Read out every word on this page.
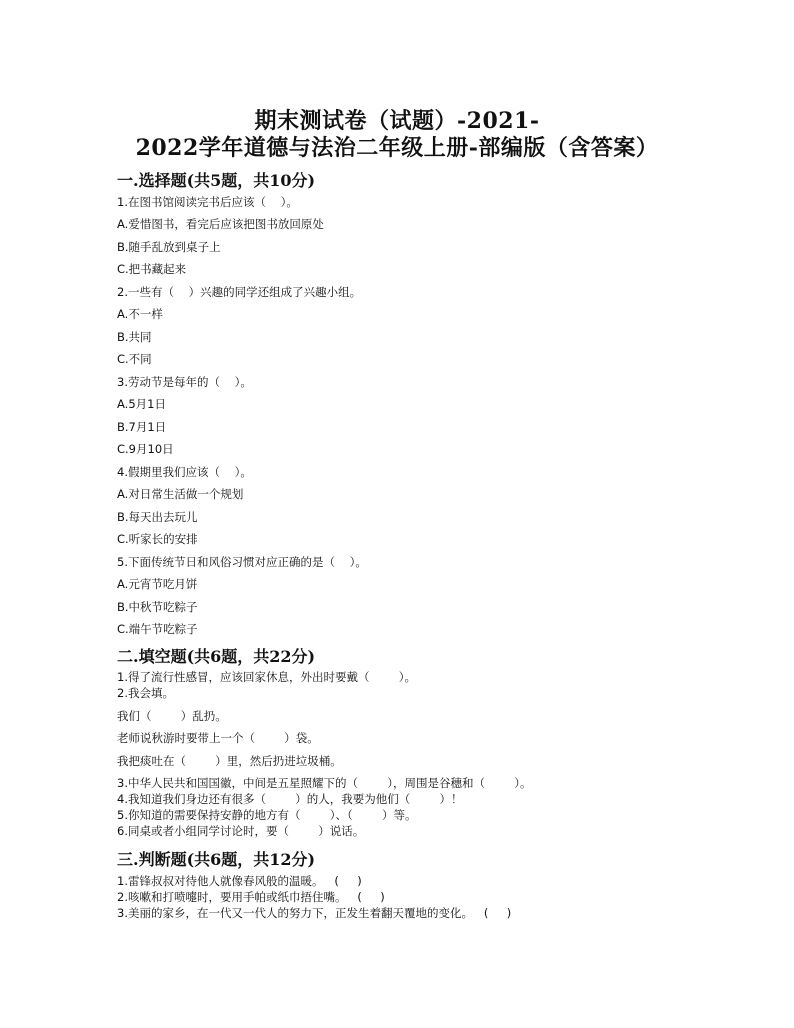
期末测试卷（试题）-2021-
2022学年道德与法治二年级上册-部编版（含答案）
一.选择题(共5题，共10分)
1.在图书馆阅读完书后应该（    ）。
A.爱惜图书，看完后应该把图书放回原处
B.随手乱放到桌子上
C.把书藏起来
2.一些有（    ）兴趣的同学还组成了兴趣小组。
A.不一样
B.共同
C.不同
3.劳动节是每年的（    ）。
A.5月1日
B.7月1日
C.9月10日
4.假期里我们应该（    ）。
A.对日常生活做一个规划
B.每天出去玩儿
C.听家长的安排
5.下面传统节日和风俗习惯对应正确的是（    ）。
A.元宵节吃月饼
B.中秋节吃粽子
C.端午节吃粽子
二.填空题(共6题，共22分)
1.得了流行性感冒，应该回家休息，外出时要戴（        ）。
2.我会填。
我们（        ）乱扔。
老师说秋游时要带上一个（        ）袋。
我把痰吐在（        ）里，然后扔进垃圾桶。
3.中华人民共和国国徽，中间是五星照耀下的（        ），周围是谷穗和（        ）。
4.我知道我们身边还有很多（        ）的人，我要为他们（        ）！
5.你知道的需要保持安静的地方有（        ）、（        ）等。
6.同桌或者小组同学讨论时，要（        ）说话。
三.判断题(共6题，共12分)
1.雷锋叔叔对待他人就像春风般的温暖。   (     )
2.咳嗽和打喷嚏时，要用手帕或纸巾捂住嘴。   (     )
3.美丽的家乡，在一代又一代人的努力下，正发生着翻天覆地的变化。   (     )
